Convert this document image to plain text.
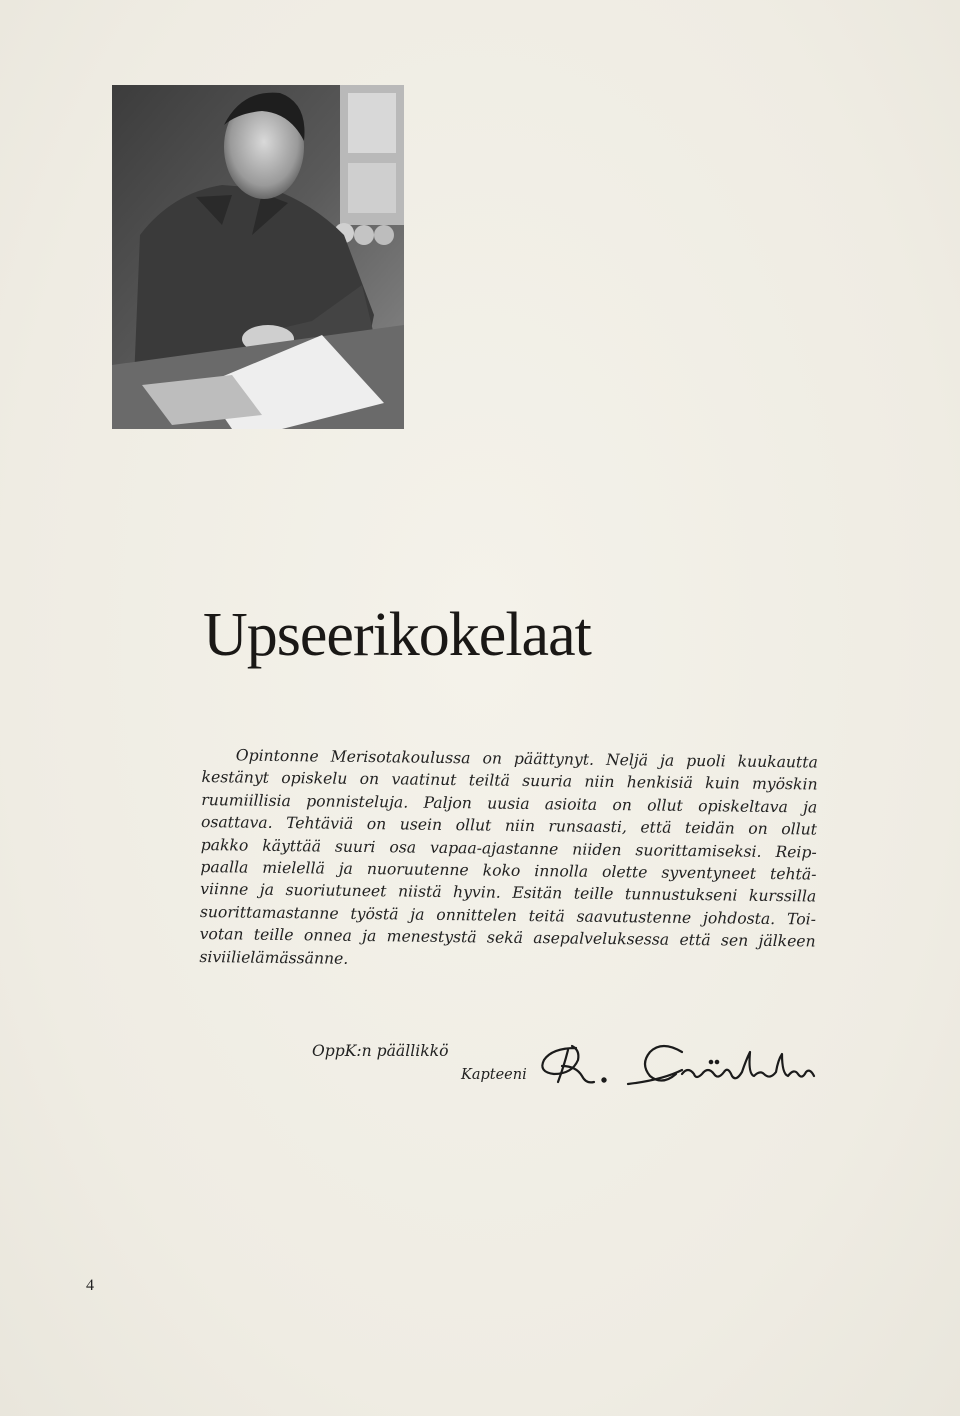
Upseerikokelaat
Opintonne Merisotakoulussa on päättynyt. Neljä ja puoli kuukautta
kestänyt opiskelu on vaatinut teiltä suuria niin henkisiä kuin myöskin
ruumiillisia ponnisteluja. Paljon uusia asioita on ollut opiskeltava ja
osattava. Tehtäviä on usein ollut niin runsaasti, että teidän on ollut
pakko käyttää suuri osa vapaa-ajastanne niiden suorittamiseksi. Reip-
paalla mielellä ja nuoruutenne koko innolla olette syventyneet tehtä-
viinne ja suoriutuneet niistä hyvin. Esitän teille tunnustukseni kurssilla
suorittamastanne työstä ja onnittelen teitä saavutustenne johdosta. Toi-
votan teille onnea ja menestystä sekä asepalveluksessa että sen jälkeen
siviilielämässänne.
OppK:n päällikkö
Kapteeni
4
